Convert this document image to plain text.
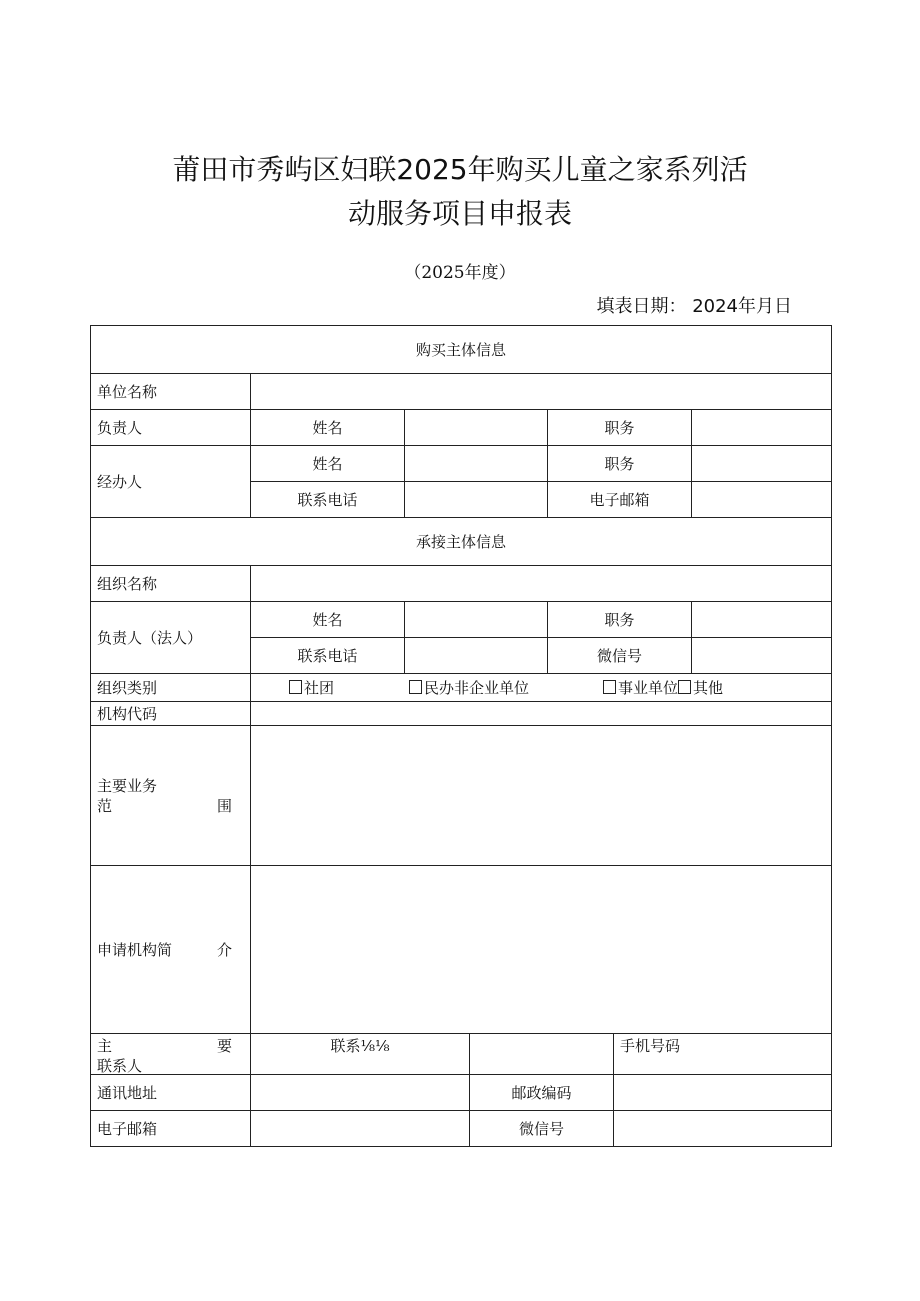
莆田市秀屿区妇联2025年购买儿童之家系列活
动服务项目申报表
（2025年度）
填表日期： 2024年月日
购买主体信息						
单位名称						
负责人	姓名			职务		
经办人	姓名			职务		
	联系电话			电子邮箱		
承接主体信息						
组织名称						
负责人（法人）	姓名			职务		
	联系电话			微信号		
组织类别	社团 民办非企业单位 事业单位 其他					
机构代码						

主要业务
范 围						

申请机构简 介						

主 要
联系人	联系⅛⅛				手机号码	
通讯地址			邮政编码			
电子邮箱			微信号			
